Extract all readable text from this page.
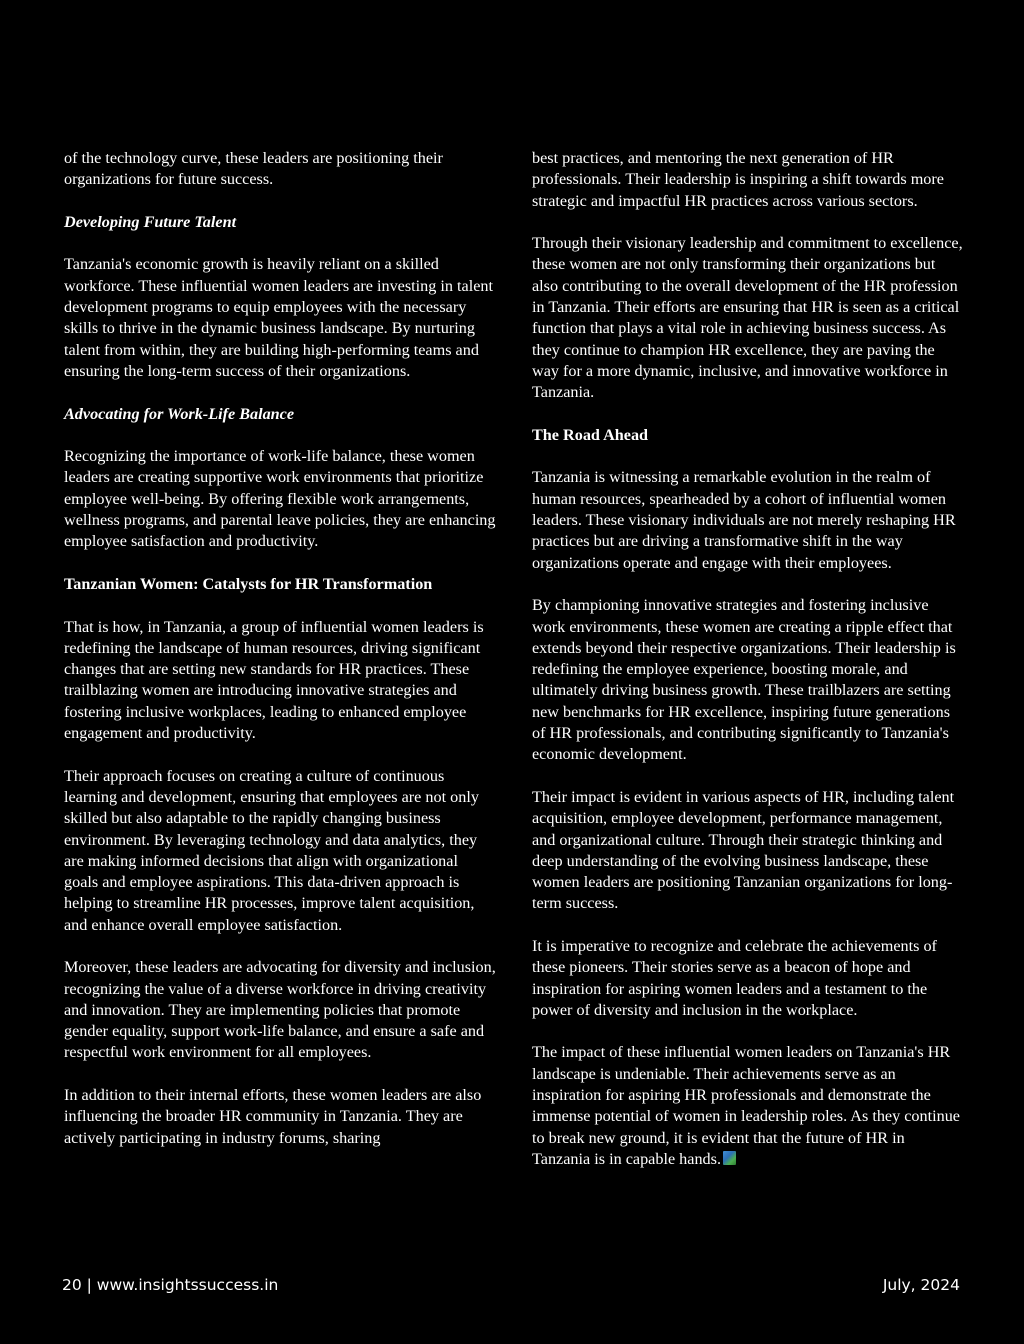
of the technology curve, these leaders are positioning their organizations for future success.

Developing Future Talent

Tanzania's economic growth is heavily reliant on a skilled workforce. These influential women leaders are investing in talent development programs to equip employees with the necessary skills to thrive in the dynamic business landscape. By nurturing talent from within, they are building high-performing teams and ensuring the long-term success of their organizations.

Advocating for Work-Life Balance

Recognizing the importance of work-life balance, these women leaders are creating supportive work environments that prioritize employee well-being. By offering flexible work arrangements, wellness programs, and parental leave policies, they are enhancing employee satisfaction and productivity.

Tanzanian Women: Catalysts for HR Transformation

That is how, in Tanzania, a group of influential women leaders is redefining the landscape of human resources, driving significant changes that are setting new standards for HR practices. These trailblazing women are introducing innovative strategies and fostering inclusive workplaces, leading to enhanced employee engagement and productivity.

Their approach focuses on creating a culture of continuous learning and development, ensuring that employees are not only skilled but also adaptable to the rapidly changing business environment. By leveraging technology and data analytics, they are making informed decisions that align with organizational goals and employee aspirations. This data-driven approach is helping to streamline HR processes, improve talent acquisition, and enhance overall employee satisfaction.

Moreover, these leaders are advocating for diversity and inclusion, recognizing the value of a diverse workforce in driving creativity and innovation. They are implementing policies that promote gender equality, support work-life balance, and ensure a safe and respectful work environment for all employees.

In addition to their internal efforts, these women leaders are also influencing the broader HR community in Tanzania. They are actively participating in industry forums, sharing

best practices, and mentoring the next generation of HR professionals. Their leadership is inspiring a shift towards more strategic and impactful HR practices across various sectors.

Through their visionary leadership and commitment to excellence, these women are not only transforming their organizations but also contributing to the overall development of the HR profession in Tanzania. Their efforts are ensuring that HR is seen as a critical function that plays a vital role in achieving business success. As they continue to champion HR excellence, they are paving the way for a more dynamic, inclusive, and innovative workforce in Tanzania.

The Road Ahead

Tanzania is witnessing a remarkable evolution in the realm of human resources, spearheaded by a cohort of influential women leaders. These visionary individuals are not merely reshaping HR practices but are driving a transformative shift in the way organizations operate and engage with their employees.

By championing innovative strategies and fostering inclusive work environments, these women are creating a ripple effect that extends beyond their respective organizations. Their leadership is redefining the employee experience, boosting morale, and ultimately driving business growth. These trailblazers are setting new benchmarks for HR excellence, inspiring future generations of HR professionals, and contributing significantly to Tanzania's economic development.

Their impact is evident in various aspects of HR, including talent acquisition, employee development, performance management, and organizational culture. Through their strategic thinking and deep understanding of the evolving business landscape, these women leaders are positioning Tanzanian organizations for long-term success.

It is imperative to recognize and celebrate the achievements of these pioneers. Their stories serve as a beacon of hope and inspiration for aspiring women leaders and a testament to the power of diversity and inclusion in the workplace.

The impact of these influential women leaders on Tanzania's HR landscape is undeniable. Their achievements serve as an inspiration for aspiring HR professionals and demonstrate the immense potential of women in leadership roles. As they continue to break new ground, it is evident that the future of HR in Tanzania is in capable hands.

20 | www.insightssuccess.in	July, 2024
